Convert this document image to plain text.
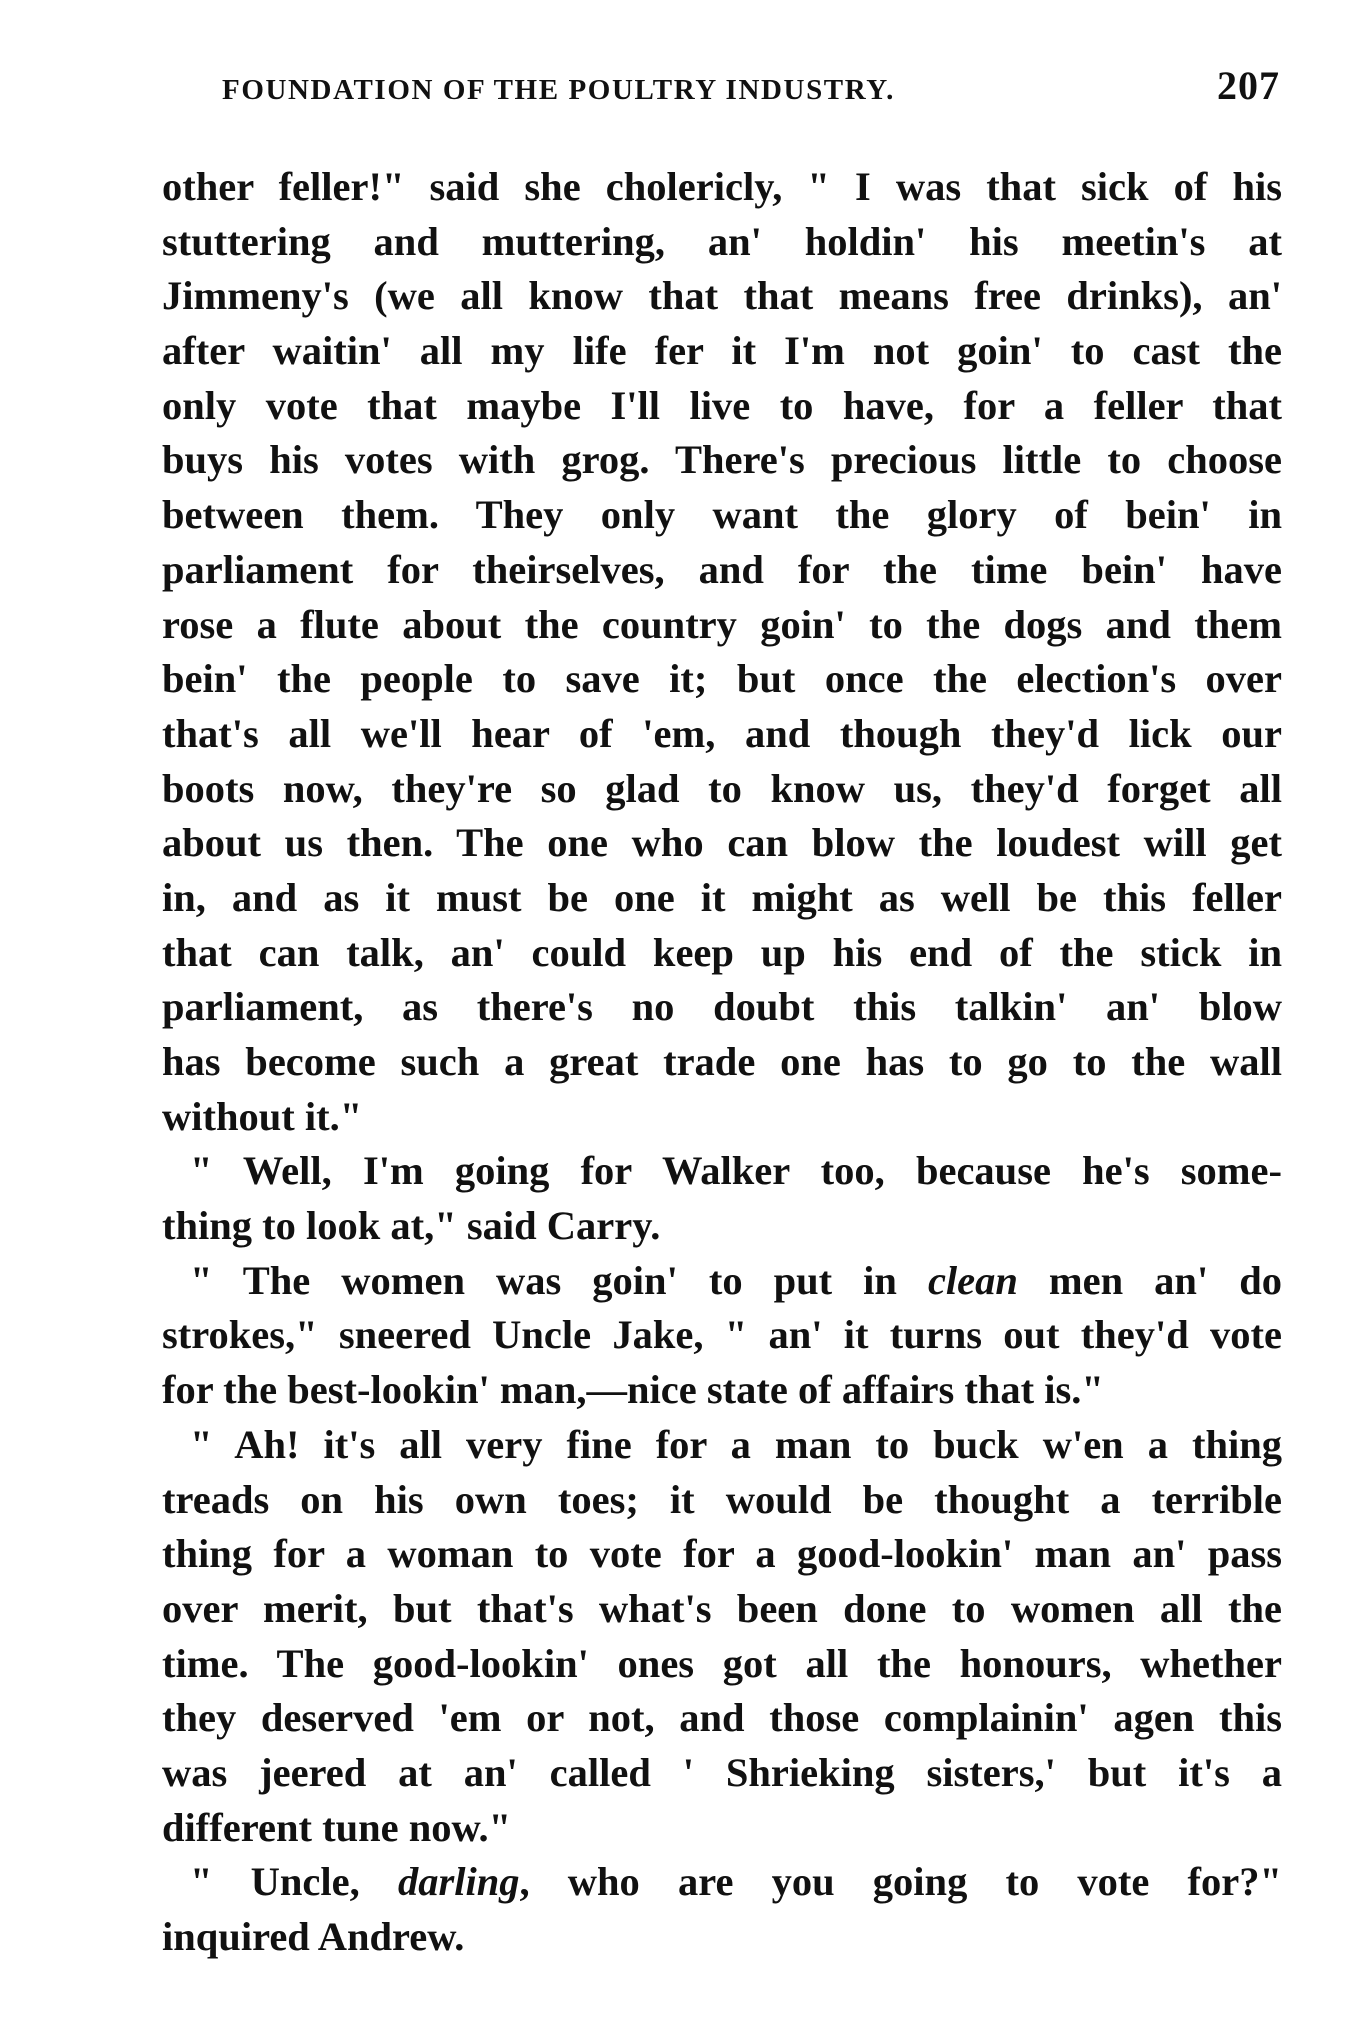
FOUNDATION OF THE POULTRY INDUSTRY.	207
other feller!" said she cholericly, " I was that sick of his
stuttering and muttering, an' holdin' his meetin's at
Jimmeny's (we all know that that means free drinks), an'
after waitin' all my life fer it I'm not goin' to cast the
only vote that maybe I'll live to have, for a feller that
buys his votes with grog. There's precious little to choose
between them. They only want the glory of bein' in
parliament for theirselves, and for the time bein' have
rose a flute about the country goin' to the dogs and them
bein' the people to save it; but once the election's over
that's all we'll hear of 'em, and though they'd lick our
boots now, they're so glad to know us, they'd forget all
about us then. The one who can blow the loudest will get
in, and as it must be one it might as well be this feller
that can talk, an' could keep up his end of the stick in
parliament, as there's no doubt this talkin' an' blow
has become such a great trade one has to go to the wall
without it."
" Well, I'm going for Walker too, because he's some-
thing to look at," said Carry.
" The women was goin' to put in clean men an' do
strokes," sneered Uncle Jake, " an' it turns out they'd vote
for the best-lookin' man,—nice state of affairs that is."
" Ah! it's all very fine for a man to buck w'en a thing
treads on his own toes; it would be thought a terrible
thing for a woman to vote for a good-lookin' man an' pass
over merit, but that's what's been done to women all the
time. The good-lookin' ones got all the honours, whether
they deserved 'em or not, and those complainin' agen this
was jeered at an' called ' Shrieking sisters,' but it's a
different tune now."
" Uncle, darling, who are you going to vote for?"
inquired Andrew.
